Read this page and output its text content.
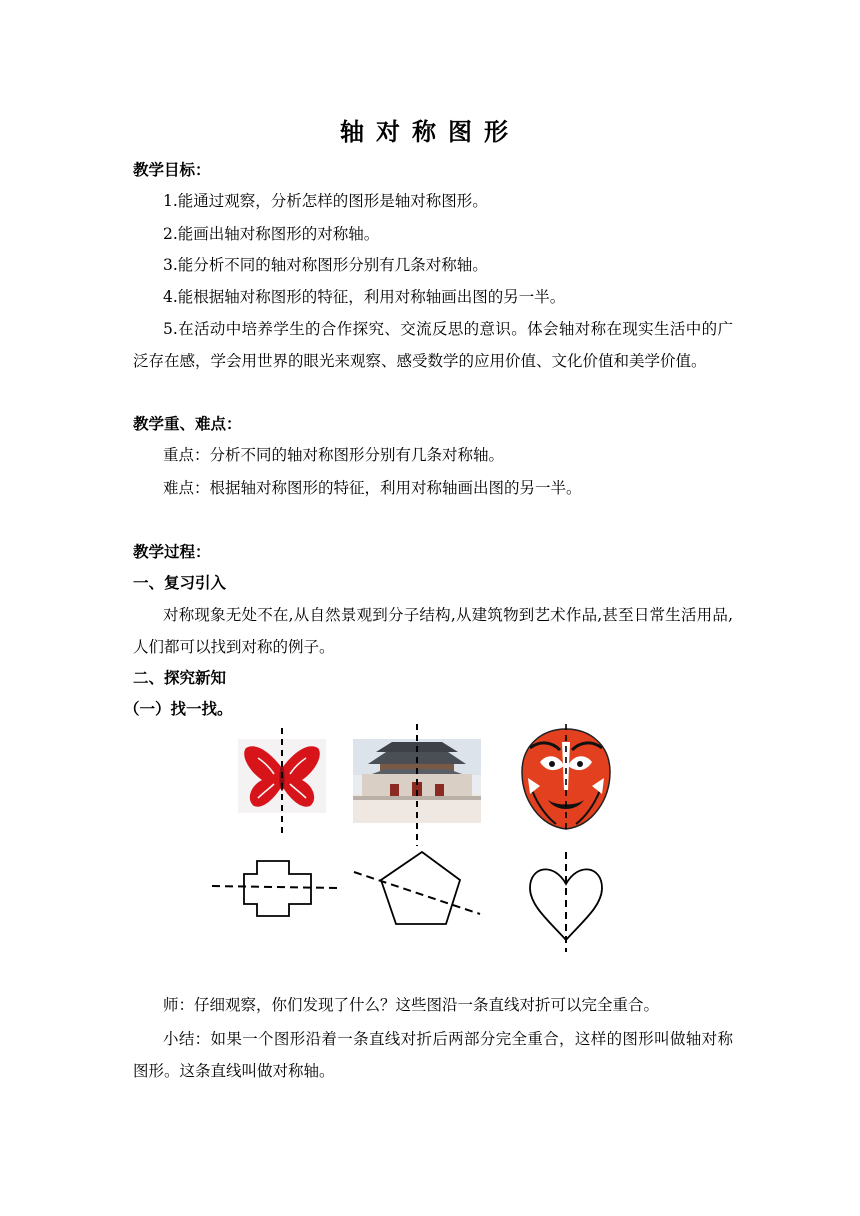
轴对称图形
教学目标：
1.能通过观察，分析怎样的图形是轴对称图形。
2.能画出轴对称图形的对称轴。
3.能分析不同的轴对称图形分别有几条对称轴。
4.能根据轴对称图形的特征，利用对称轴画出图的另一半。
5.在活动中培养学生的合作探究、交流反思的意识。体会轴对称在现实生活中的广泛存在感，学会用世界的眼光来观察、感受数学的应用价值、文化价值和美学价值。
教学重、难点：
重点：分析不同的轴对称图形分别有几条对称轴。
难点：根据轴对称图形的特征，利用对称轴画出图的另一半。
教学过程：
一、复习引入
对称现象无处不在,从自然景观到分子结构,从建筑物到艺术作品,甚至日常生活用品,人们都可以找到对称的例子。
二、探究新知
（一）找一找。
师：仔细观察，你们发现了什么？这些图沿一条直线对折可以完全重合。
小结：如果一个图形沿着一条直线对折后两部分完全重合，这样的图形叫做轴对称图形。这条直线叫做对称轴。
